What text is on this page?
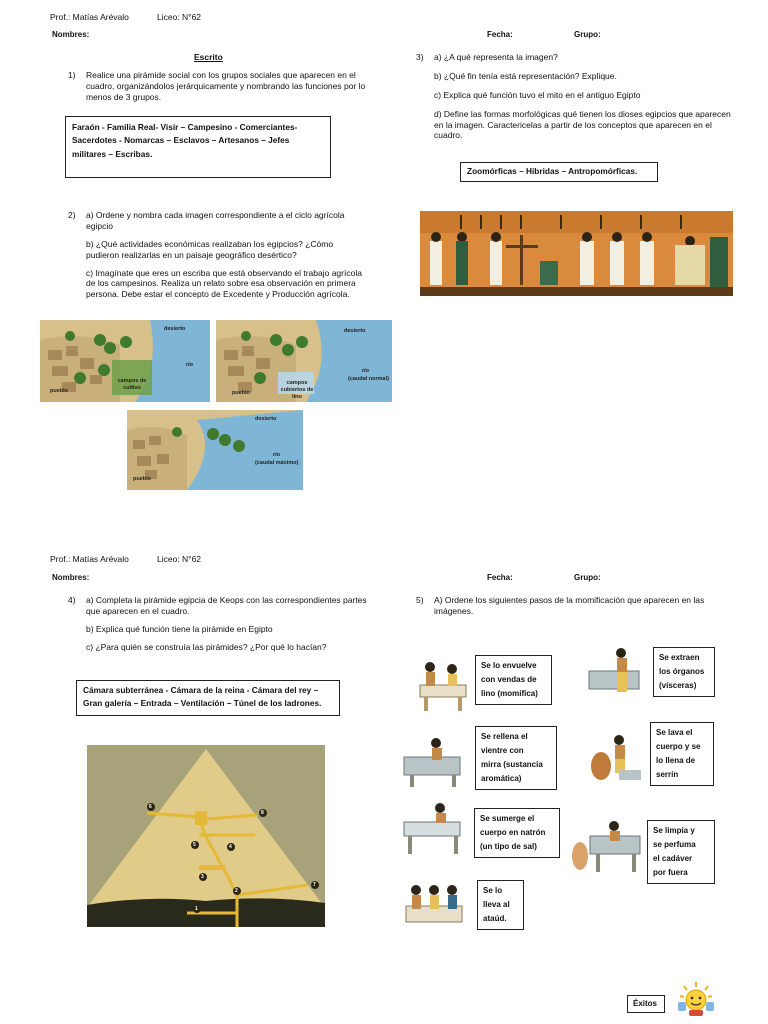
Prof.: Matías Arévalo	Liceo: N°62
Nombres:	Fecha:	Grupo:
Escrito
1) Realice una pirámide social con los grupos sociales que aparecen en el cuadro, organizándolos jerárquicamente y nombrando las funciones por lo menos de 3 grupos.
Faraón - Familia Real- Visir – Campesino - Comerciantes-
Sacerdotes - Nomarcas – Esclavos – Artesanos – Jefes
militares – Escribas.
2) a) Ordene y nombra cada imagen correspondiente a el ciclo agrícola egipcio
b) ¿Qué actividades económicas realizaban los egipcios? ¿Cómo pudieron realizarlas en un paisaje geográfico desértico?
c) Imagínate que eres un escriba que está observando el trabajo agrícola de los campesinos. Realiza un relato sobre esa observación en primera persona. Debe estar el concepto de Excedente y Producción agrícola.
desierto
campos de cultivo
río
pueblo
desierto
campos cubiertos de lino
río
(caudal normal)
pueblo
desierto
río
(caudal máximo)
pueblo
3) a) ¿A qué representa la imagen?
b) ¿Qué fin tenía está representación? Explique.
c) Explica qué función tuvo el mito en el antiguo Egipto
d) Define las formas morfológicas qué tienen los dioses egipcios que aparecen en la imagen. Caractericelas a partir de los conceptos que aparecen en el cuadro.
Zoomórficas – Hibridas – Antropomórficas.
Prof.: Matías Arévalo	Liceo: N°62
Nombres:	Fecha:	Grupo:
4) a) Completa la pirámide egipcia de Keops con las correspondientes partes que aparecen en el cuadro.
b) Explica qué función tiene la pirámide en Egipto
c) ¿Para quién se construía las pirámides? ¿Por qué lo hacían?
Cámara subterránea - Cámara de la reina - Cámara del rey –
Gran galería – Entrada – Ventilación – Túnel de los ladrones.
6
5	4
8
3
2
7
1
5) A) Ordene los siguientes pasos de la momificación que aparecen en las imágenes.
Se lo envuelve
con vendas de
lino (momifica)
Se extraen
los órganos
(vísceras)
Se rellena el
vientre con
mirra (sustancia
aromática)
Se lava el
cuerpo y se
lo llena de
serrín
Se sumerge el
cuerpo en natrón
(un tipo de sal)
Se limpia y
se perfuma
el cadáver
por fuera
Se lo
lleva al
ataúd.
Éxitos
